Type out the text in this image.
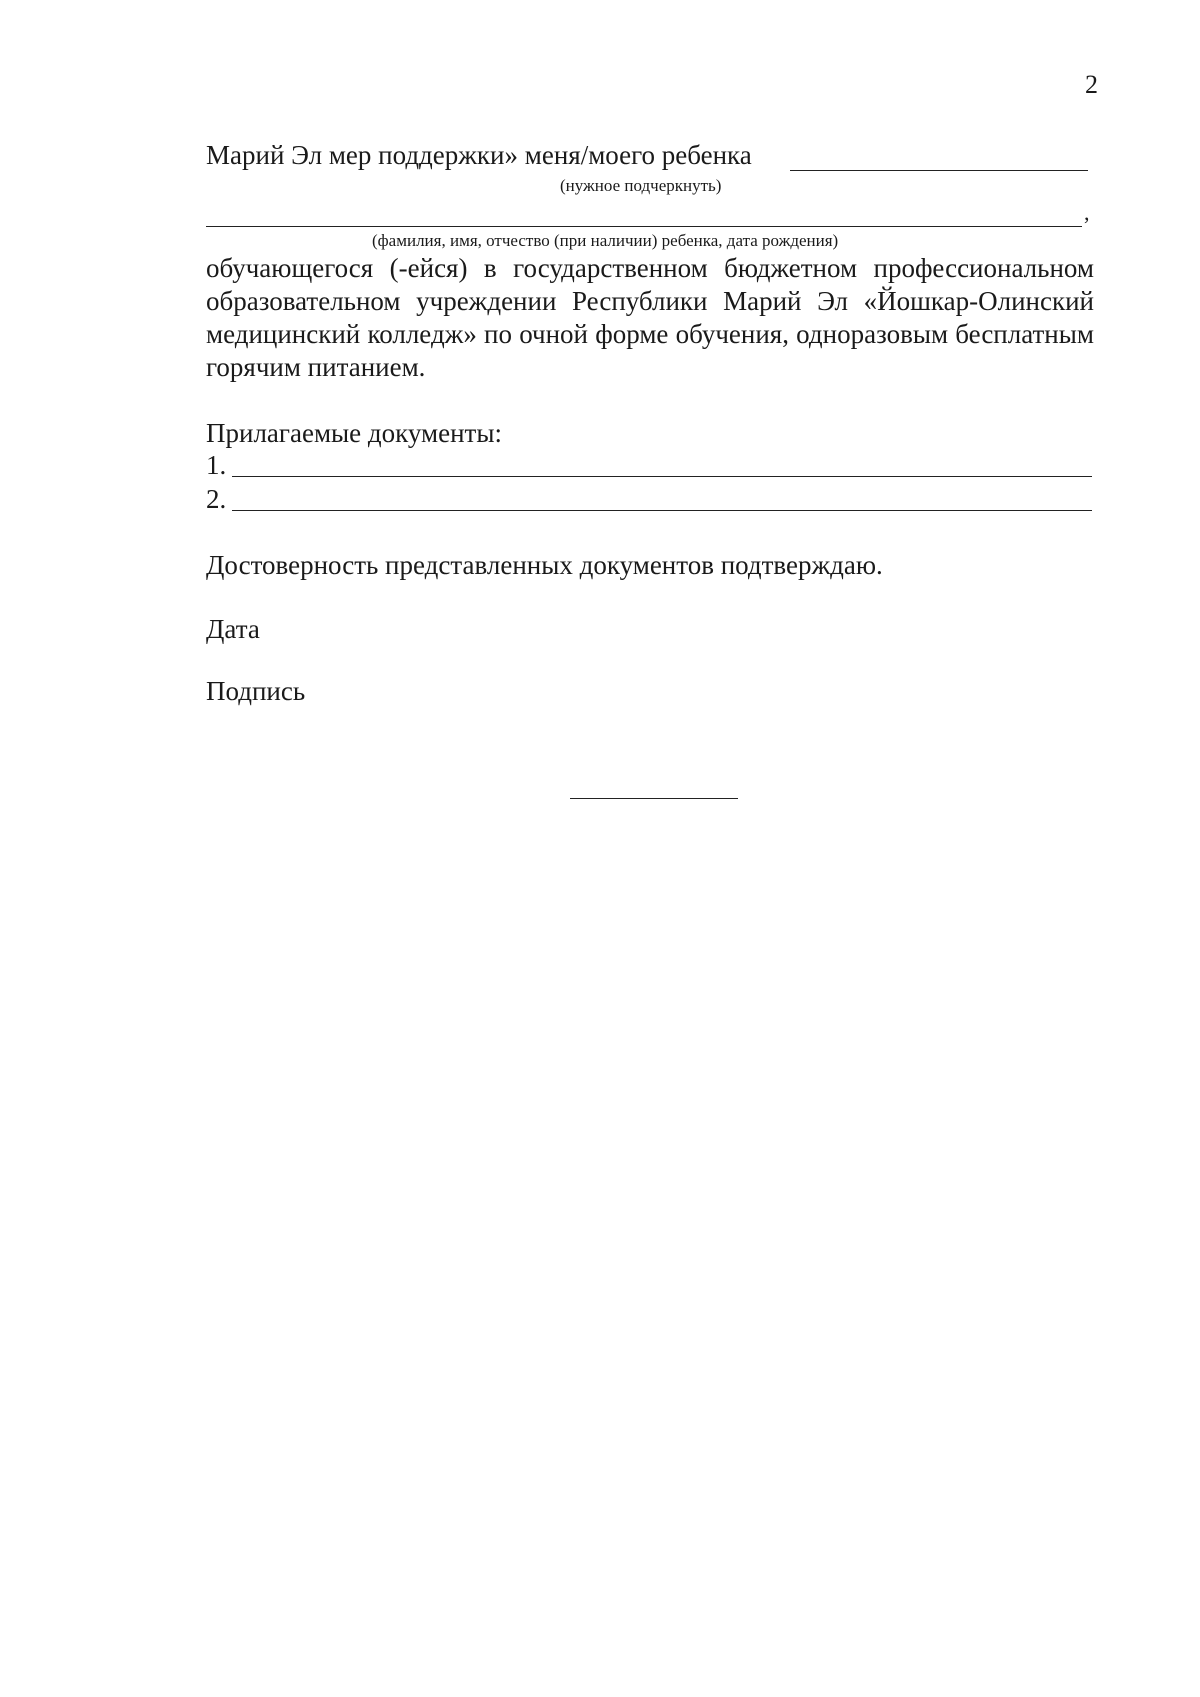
2
Марий Эл мер поддержки» меня/моего ребенка
(нужное подчеркнуть)
,
(фамилия, имя, отчество (при наличии) ребенка, дата рождения)
обучающегося (-ейся) в государственном бюджетном профессиональном образовательном учреждении Республики Марий Эл «Йошкар-Олинский медицинский колледж» по очной форме обучения, одноразовым бесплатным горячим питанием.
Прилагаемые документы:
1.
2.
Достоверность представленных документов подтверждаю.
Дата
Подпись
